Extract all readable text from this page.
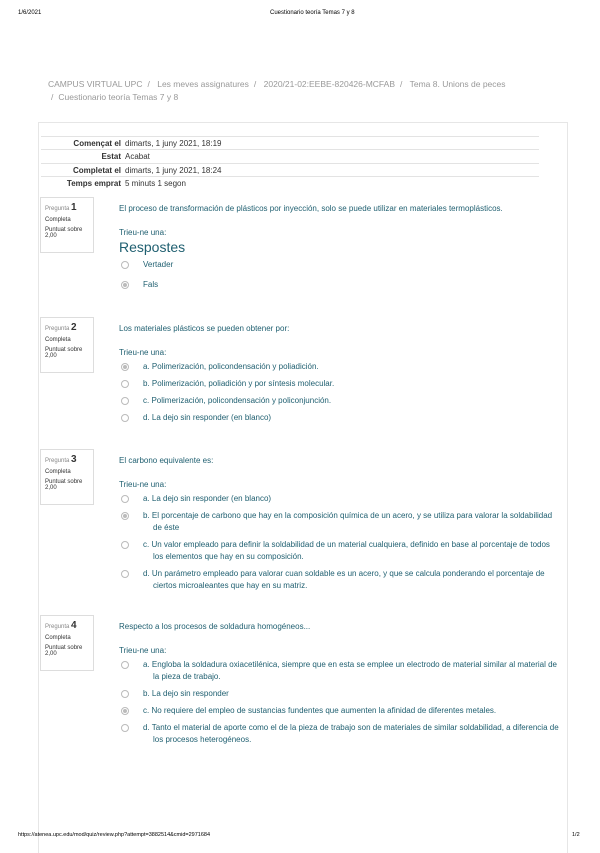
1/6/2021	Cuestionario teoría Temas 7 y 8
CAMPUS VIRTUAL UPC / Les meves assignatures / 2020/21-02:EEBE-820426-MCFAB / Tema 8. Unions de peces
/ Cuestionario teoría Temas 7 y 8
Començat el dimarts, 1 juny 2021, 18:19
Estat Acabat
Completat el dimarts, 1 juny 2021, 18:24
Temps emprat 5 minuts 1 segon
Pregunta 1
Completa
Puntuat sobre
2,00
El proceso de transformación de plásticos por inyección, solo se puede utilizar en materiales termoplásticos.
Trieu-ne una:
Respostes
Vertader
Fals
Pregunta 2
Completa
Puntuat sobre
2,00
Los materiales plásticos se pueden obtener por:
Trieu-ne una:
a. Polimerización, policondensación y poliadición.
b. Polimerización, poliadición y por síntesis molecular.
c. Polimerización, policondensación y policonjunción.
d. La dejo sin responder (en blanco)
Pregunta 3
Completa
Puntuat sobre
2,00
El carbono equivalente es:
Trieu-ne una:
a. La dejo sin responder (en blanco)
b. El porcentaje de carbono que hay en la composición química de un acero, y se utiliza para valorar la soldabilidad de éste
c. Un valor empleado para definir la soldabilidad de un material cualquiera, definido en base al porcentaje de todos los elementos que hay en su composición.
d. Un parámetro empleado para valorar cuan soldable es un acero, y que se calcula ponderando el porcentaje de ciertos microaleantes que hay en su matriz.
Pregunta 4
Completa
Puntuat sobre
2,00
Respecto a los procesos de soldadura homogéneos...
Trieu-ne una:
a. Engloba la soldadura oxiacetilénica, siempre que en esta se emplee un electrodo de material similar al material de la pieza de trabajo.
b. La dejo sin responder
c. No requiere del empleo de sustancias fundentes que aumenten la afinidad de diferentes metales.
d. Tanto el material de aporte como el de la pieza de trabajo son de materiales de similar soldabilidad, a diferencia de los procesos heterogéneos.
https://atenea.upc.edu/mod/quiz/review.php?attempt=3882514&cmid=2971684	1/2
